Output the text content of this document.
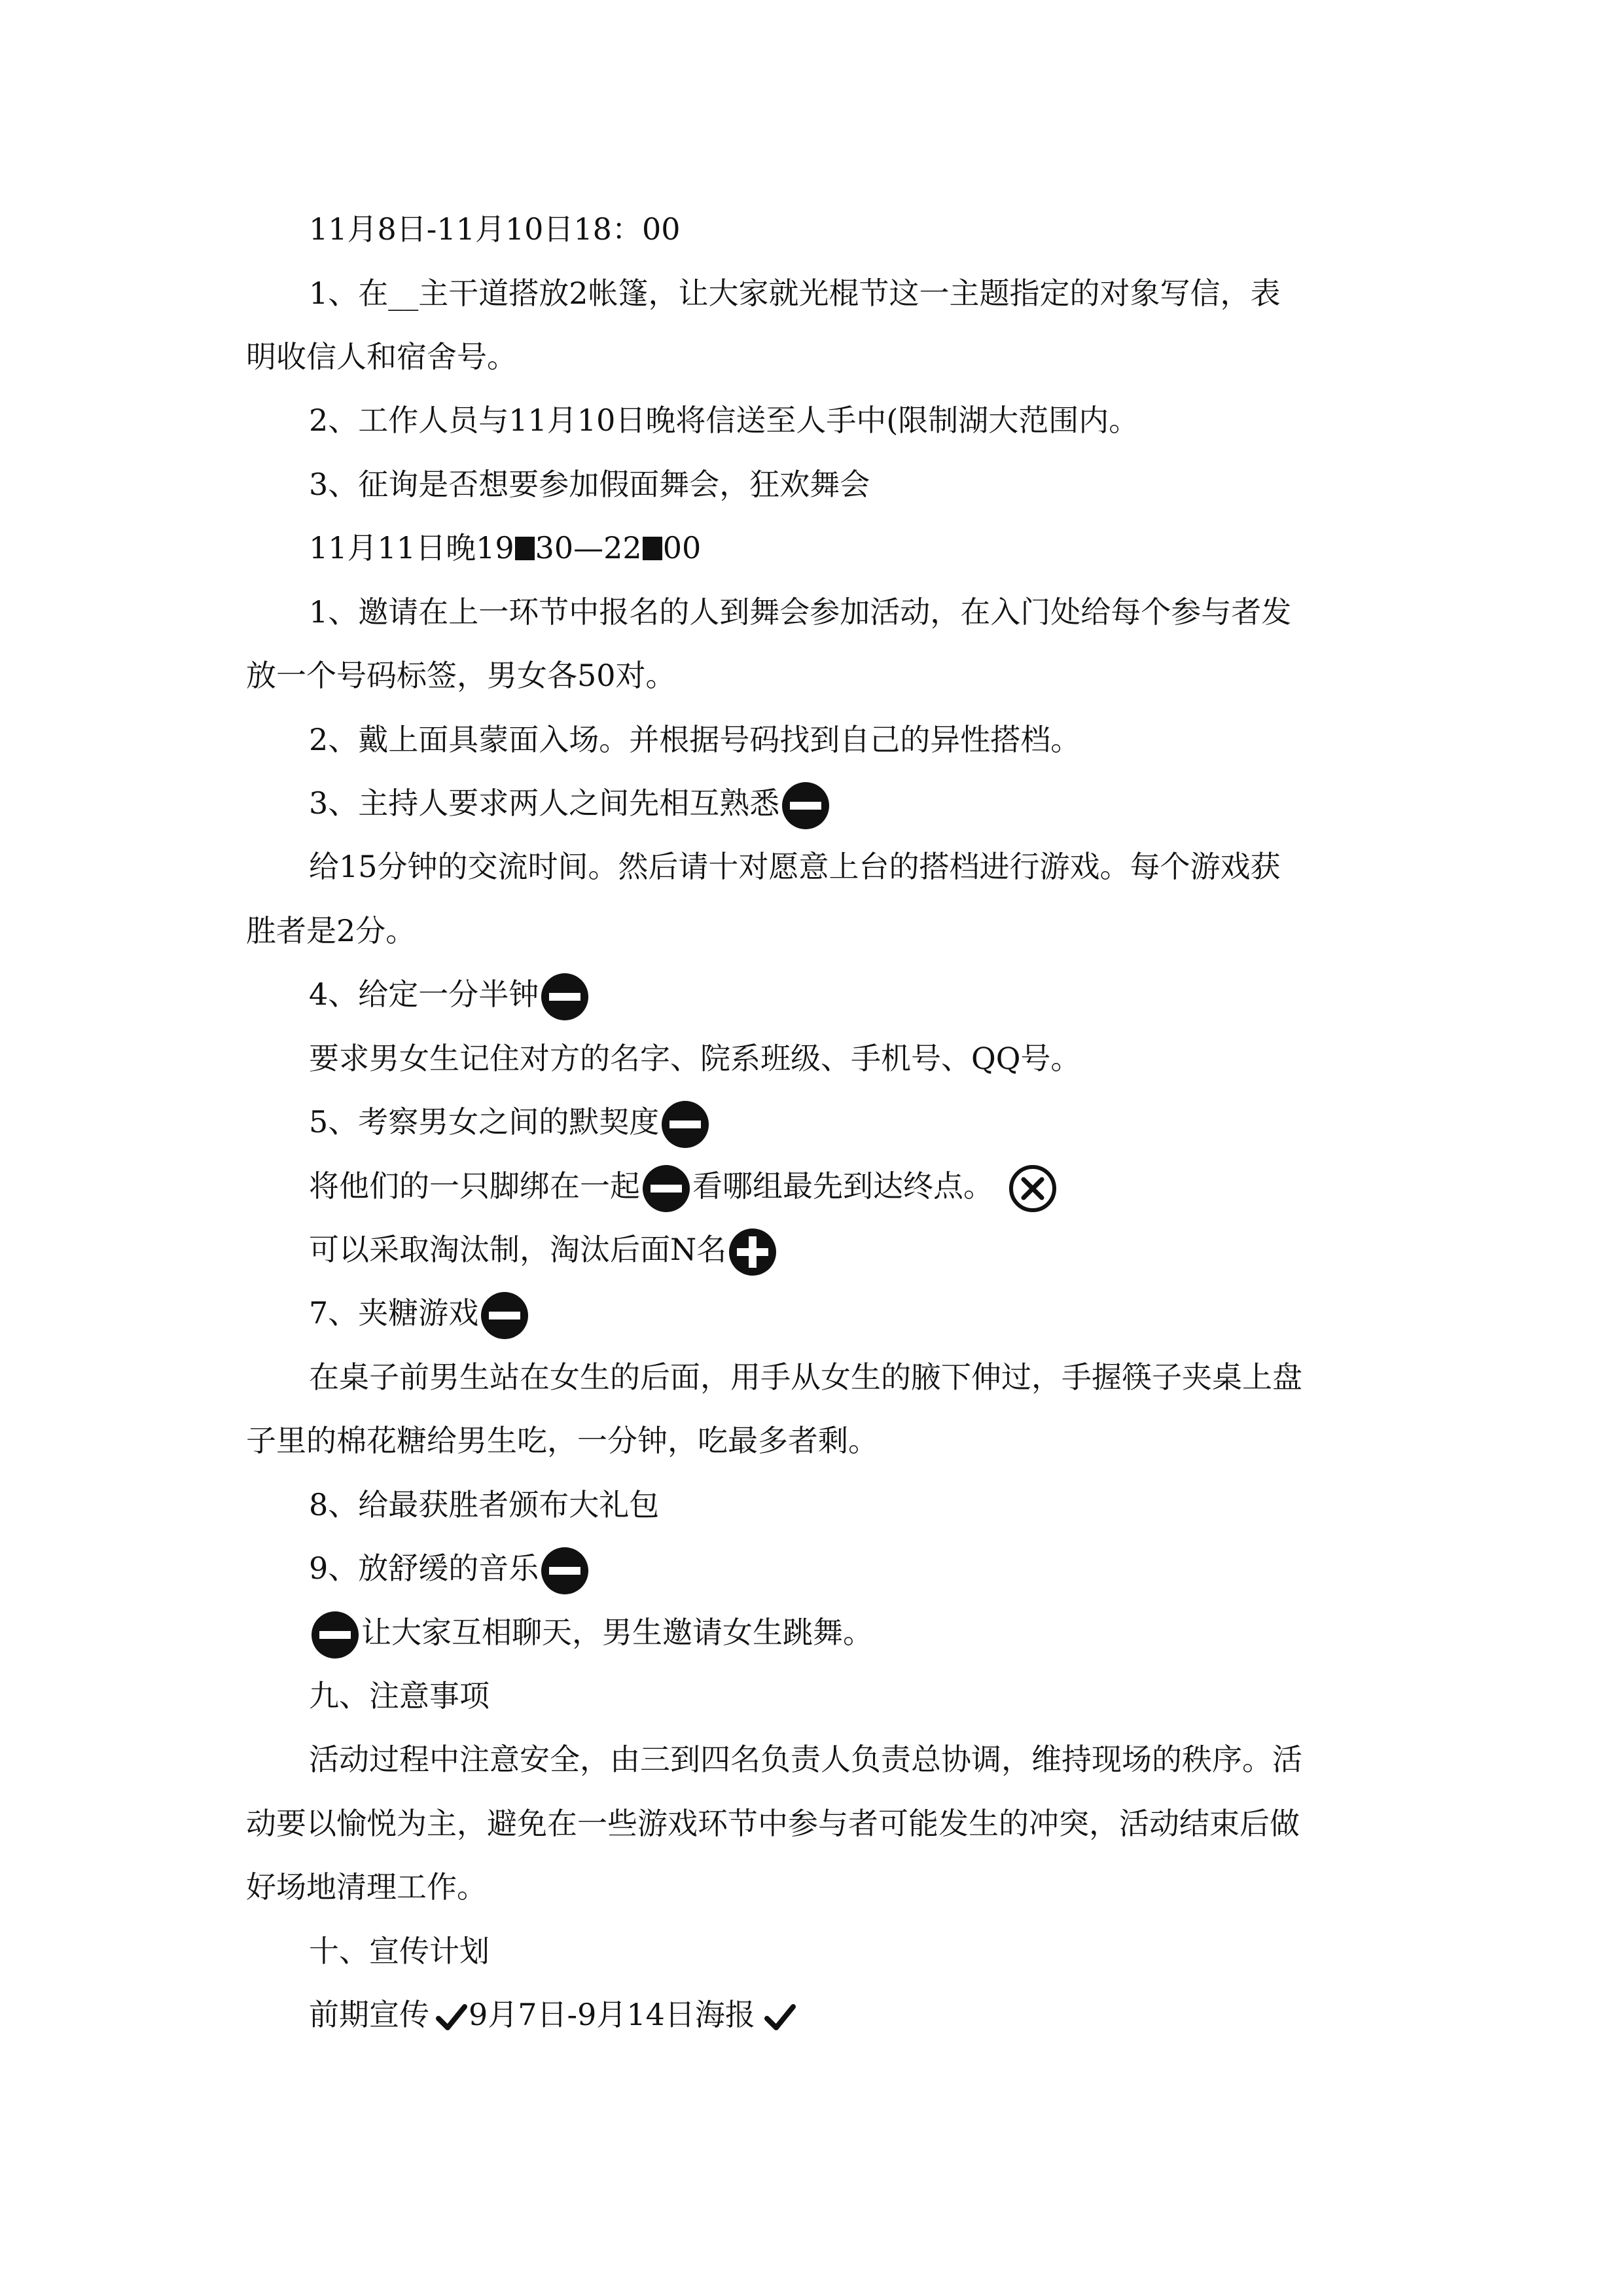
11月8日-11月10日18：00
1、在__主干道搭放2帐篷，让大家就光棍节这一主题指定的对象写信，表
明收信人和宿舍号。
2、工作人员与11月10日晚将信送至人手中(限制湖大范围内。
3、征询是否想要参加假面舞会，狂欢舞会
11月11日晚19 30—22 00
1、邀请在上一环节中报名的人到舞会参加活动，在入门处给每个参与者发
放一个号码标签，男女各50对。
2、戴上面具蒙面入场。并根据号码找到自己的异性搭档。
3、主持人要求两人之间先相互熟悉
给15分钟的交流时间。然后请十对愿意上台的搭档进行游戏。每个游戏获
胜者是2分。
4、给定一分半钟
要求男女生记住对方的名字、院系班级、手机号、QQ号。
5、考察男女之间的默契度
将他们的一只脚绑在一起 看哪组最先到达终点。
可以采取淘汰制，淘汰后面N名
7、夹糖游戏
在桌子前男生站在女生的后面，用手从女生的腋下伸过，手握筷子夹桌上盘
子里的棉花糖给男生吃，一分钟，吃最多者剩。
8、给最获胜者颁布大礼包
9、放舒缓的音乐
让大家互相聊天，男生邀请女生跳舞。
九、注意事项
活动过程中注意安全，由三到四名负责人负责总协调，维持现场的秩序。活
动要以愉悦为主，避免在一些游戏环节中参与者可能发生的冲突，活动结束后做
好场地清理工作。
十、宣传计划
前期宣传 9月7日-9月14日海报
